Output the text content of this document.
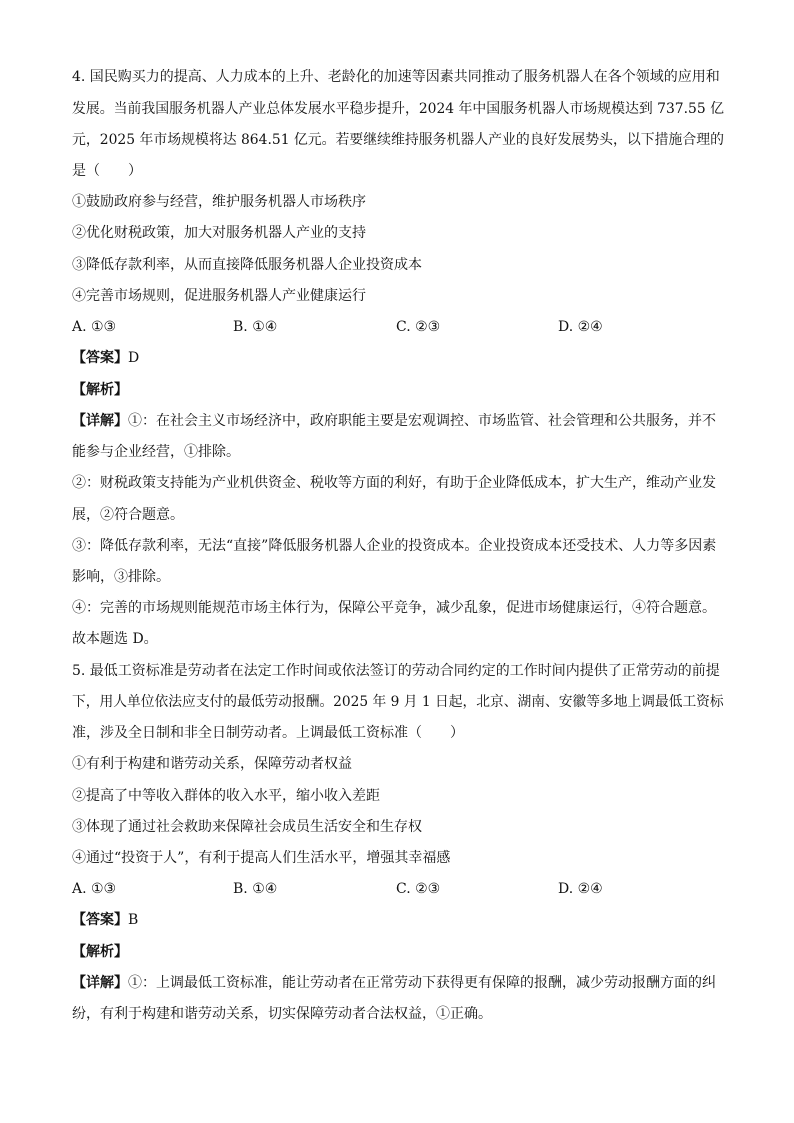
4. 国民购买力的提高、人力成本的上升、老龄化的加速等因素共同推动了服务机器人在各个领域的应用和
发展。当前我国服务机器人产业总体发展水平稳步提升，2024 年中国服务机器人市场规模达到 737.55 亿
元，2025 年市场规模将达 864.51 亿元。若要继续维持服务机器人产业的良好发展势头，以下措施合理的
是（　　）
①鼓励政府参与经营，维护服务机器人市场秩序
②优化财税政策，加大对服务机器人产业的支持
③降低存款利率，从而直接降低服务机器人企业投资成本
④完善市场规则，促进服务机器人产业健康运行
A. ①③	B. ①④	C. ②③	D. ②④
【答案】D
【解析】
【详解】①：在社会主义市场经济中，政府职能主要是宏观调控、市场监管、社会管理和公共服务，并不
能参与企业经营，①排除。
②：财税政策支持能为产业机供资金、税收等方面的利好，有助于企业降低成本，扩大生产，维动产业发
展，②符合题意。
③：降低存款利率，无法“直接”降低服务机器人企业的投资成本。企业投资成本还受技术、人力等多因素
影响，③排除。
④：完善的市场规则能规范市场主体行为，保障公平竞争，减少乱象，促进市场健康运行，④符合题意。
故本题选 D。
5. 最低工资标准是劳动者在法定工作时间或依法签订的劳动合同约定的工作时间内提供了正常劳动的前提
下，用人单位依法应支付的最低劳动报酬。2025 年 9 月 1 日起，北京、湖南、安徽等多地上调最低工资标
准，涉及全日制和非全日制劳动者。上调最低工资标准（　　）
①有利于构建和谐劳动关系，保障劳动者权益
②提高了中等收入群体的收入水平，缩小收入差距
③体现了通过社会救助来保障社会成员生活安全和生存权
④通过“投资于人”，有利于提高人们生活水平，增强其幸福感
A. ①③	B. ①④	C. ②③	D. ②④
【答案】B
【解析】
【详解】①：上调最低工资标准，能让劳动者在正常劳动下获得更有保障的报酬，减少劳动报酬方面的纠
纷，有利于构建和谐劳动关系，切实保障劳动者合法权益，①正确。
